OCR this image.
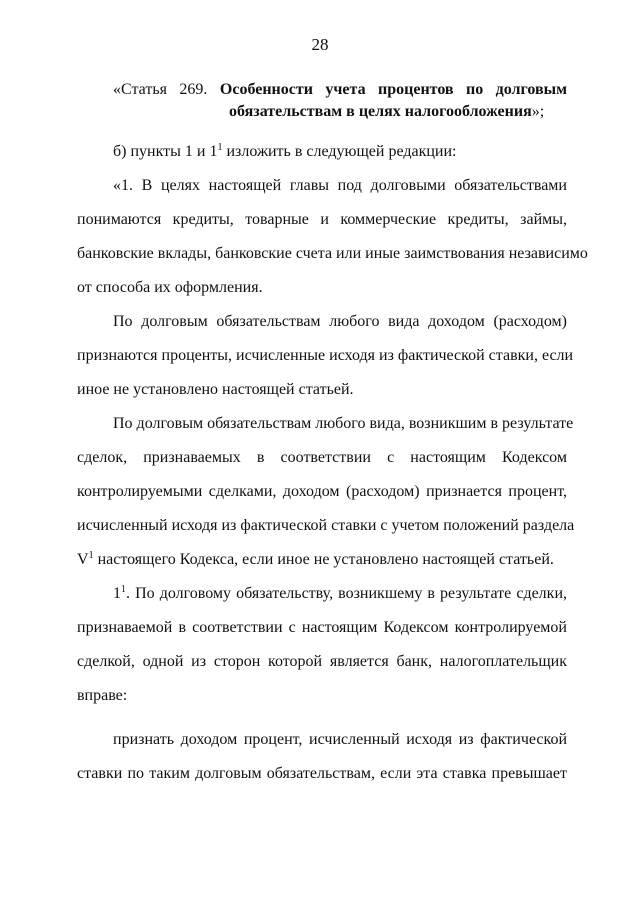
28
«Статья 269. Особенности учета процентов по долговым
обязательствам в целях налогообложения»;
б) пункты 1 и $1^1$ изложить в следующей редакции:
«1. В целях настоящей главы под долговыми обязательствами
понимаются кредиты, товарные и коммерческие кредиты, займы,
банковские вклады, банковские счета или иные заимствования независимо
от способа их оформления.
По долговым обязательствам любого вида доходом (расходом)
признаются проценты, исчисленные исходя из фактической ставки, если
иное не установлено настоящей статьей.
По долговым обязательствам любого вида, возникшим в результате
сделок, признаваемых в соответствии с настоящим Кодексом
контролируемыми сделками, доходом (расходом) признается процент,
исчисленный исходя из фактической ставки с учетом положений раздела
$V^1$ настоящего Кодекса, если иное не установлено настоящей статьей.
$1^1$. По долговому обязательству, возникшему в результате сделки,
признаваемой в соответствии с настоящим Кодексом контролируемой
сделкой, одной из сторон которой является банк, налогоплательщик
вправе:
признать доходом процент, исчисленный исходя из фактической
ставки по таким долговым обязательствам, если эта ставка превышает
